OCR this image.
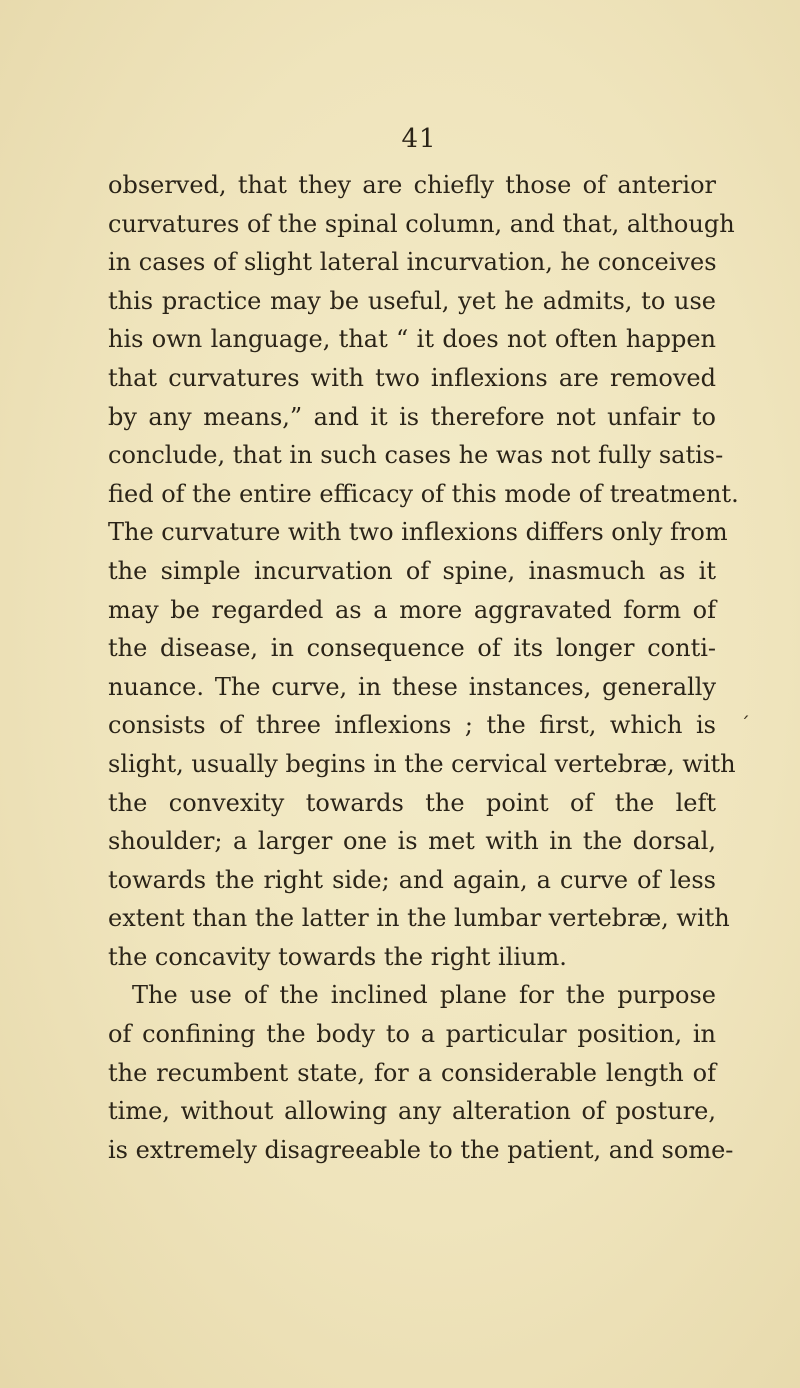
41
observed, that they are chiefly those of anterior
curvatures of the spinal column, and that, although
in cases of slight lateral incurvation, he conceives
this practice may be useful, yet he admits, to use
his own language, that “ it does not often happen
that curvatures with two inflexions are removed
by any means,” and it is therefore not unfair to
conclude, that in such cases he was not fully satis-
fied of the entire efficacy of this mode of treatment.
The curvature with two inflexions differs only from
the simple incurvation of spine, inasmuch as it
may be regarded as a more aggravated form of
the disease, in consequence of its longer conti-
nuance. The curve, in these instances, generally
consists of three inflexions ; the first, which is
slight, usually begins in the cervical vertebræ, with
the convexity towards the point of the left
shoulder; a larger one is met with in the dorsal,
towards the right side; and again, a curve of less
extent than the latter in the lumbar vertebræ, with
the concavity towards the right ilium.
The use of the inclined plane for the purpose
of confining the body to a particular position, in
the recumbent state, for a considerable length of
time, without allowing any alteration of posture,
is extremely disagreeable to the patient, and some-
´
